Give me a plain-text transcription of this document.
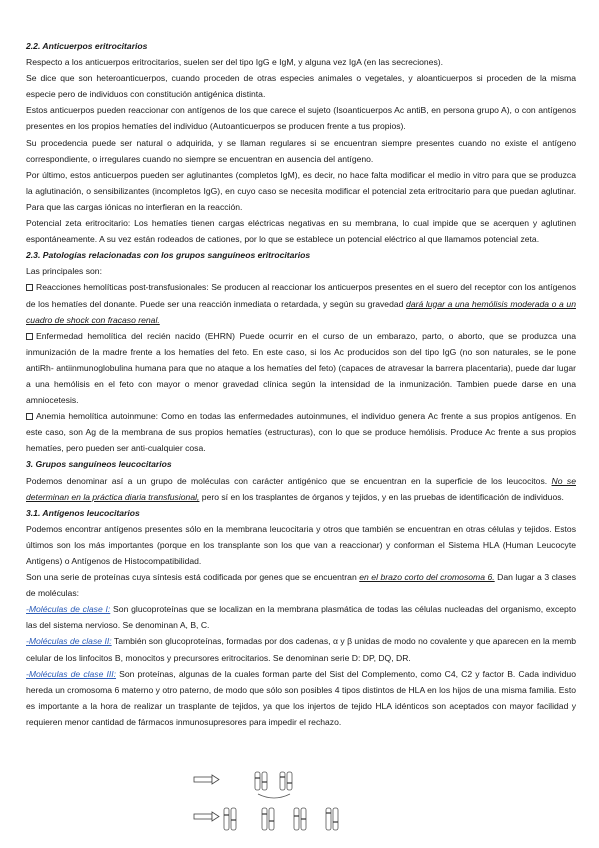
2.2. Anticuerpos eritrocitarios

Respecto a los anticuerpos eritrocitarios, suelen ser del tipo IgG e IgM, y alguna vez IgA (en las secreciones).

Se dice que son heteroanticuerpos, cuando proceden de otras especies animales o vegetales, y aloanticuerpos si proceden de la misma especie pero de individuos con constitución antigénica distinta.

Estos anticuerpos pueden reaccionar con antígenos de los que carece el sujeto (Isoanticuerpos Ac antiB, en persona grupo A), o con antígenos presentes en los propios hematíes del individuo (Autoanticuerpos se producen frente a tus propios).

Su procedencia puede ser natural o adquirida, y se llaman regulares si se encuentran siempre presentes cuando no existe el antígeno correspondiente, o irregulares cuando no siempre se encuentran en ausencia del antígeno.

Por último, estos anticuerpos pueden ser aglutinantes (completos IgM), es decir, no hace falta modificar el medio in vitro para que se produzca la aglutinación, o sensibilizantes (incompletos IgG), en cuyo caso se necesita modificar el potencial zeta eritrocitario para que puedan aglutinar. Para que las cargas iónicas no interfieran en la reacción.

Potencial zeta eritrocitario: Los hematíes tienen cargas eléctricas negativas en su membrana, lo cual impide que se acerquen y aglutinen espontáneamente. A su vez están rodeados de cationes, por lo que se establece un potencial eléctrico al que llamamos potencial zeta.

2.3. Patologías relacionadas con los grupos sanguíneos eritrocitarios

Las principales son:

Reacciones hemolíticas post-transfusionales: Se producen al reaccionar los anticuerpos presentes en el suero del receptor con los antígenos de los hematíes del donante. Puede ser una reacción inmediata o retardada, y según su gravedad dará lugar a una hemólisis moderada o a un cuadro de shock con fracaso renal.

Enfermedad hemolítica del recién nacido (EHRN) Puede ocurrir en el curso de un embarazo, parto, o aborto, que se produzca una inmunización de la madre frente a los hematíes del feto. En este caso, si los Ac producidos son del tipo IgG (no son naturales, se le pone antiRh- antiinmunoglobulina humana para que no ataque a los hematíes del feto) (capaces de atravesar la barrera placentaria), puede dar lugar a una hemólisis en el feto con mayor o menor gravedad clínica según la intensidad de la inmunización. Tambien puede darse en una amniocetesis.

Anemia hemolítica autoinmune: Como en todas las enfermedades autoinmunes, el individuo genera Ac frente a sus propios antígenos. En este caso, son Ag de la membrana de sus propios hematíes (estructuras), con lo que se produce hemólisis. Produce Ac frente a sus propios hematíes, pero pueden ser anti-cualquier cosa.

3. Grupos sanguíneos leucocitarios

Podemos denominar así a un grupo de moléculas con carácter antigénico que se encuentran en la superficie de los leucocitos. No se determinan en la práctica diaria transfusional, pero sí en los trasplantes de órganos y tejidos, y en las pruebas de identificación de individuos.

3.1. Antígenos leucocitarios

Podemos encontrar antígenos presentes sólo en la membrana leucocitaria y otros que también se encuentran en otras células y tejidos. Estos últimos son los más importantes (porque en los transplante son los que van a reaccionar) y conforman el Sistema HLA (Human Leucocyte Antigens) o Antígenos de Histocompatibilidad.

Son una serie de proteínas cuya síntesis está codificada por genes que se encuentran en el brazo corto del cromosoma 6. Dan lugar a 3 clases de moléculas:

-Moléculas de clase I: Son glucoproteínas que se localizan en la membrana plasmática de todas las células nucleadas del organismo, excepto las del sistema nervioso. Se denominan A, B, C.

-Moléculas de clase II: También son glucoproteínas, formadas por dos cadenas, α y β unidas de modo no covalente y que aparecen en la memb celular de los linfocitos B, monocitos y precursores eritrocitarios. Se denominan serie D: DP, DQ, DR.

-Moléculas de clase III: Son proteínas, algunas de la cuales forman parte del Sist del Complemento, como C4, C2 y factor B. Cada individuo hereda un cromosoma 6 materno y otro paterno, de modo que sólo son posibles 4 tipos distintos de HLA en los hijos de una misma familia. Esto es importante a la hora de realizar un trasplante de tejidos, ya que los injertos de tejido HLA idénticos son aceptados con mayor facilidad y requieren menor cantidad de fármacos inmunosupresores para impedir el rechazo.
